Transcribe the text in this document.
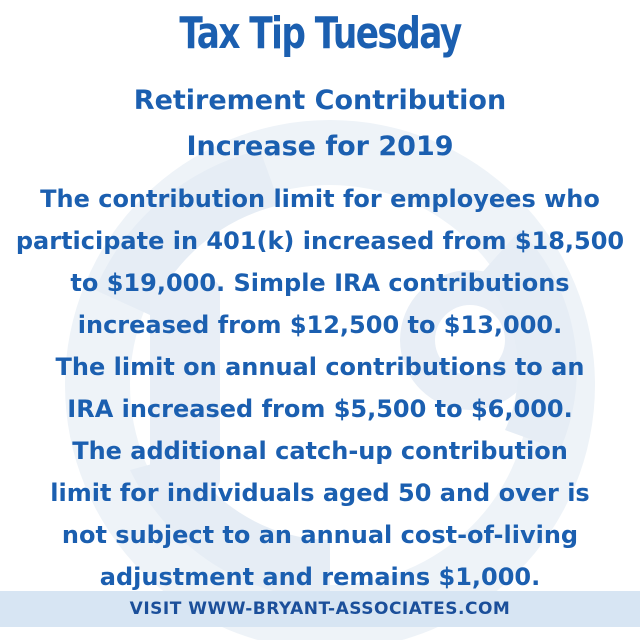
Tax Tip Tuesday
Retirement Contribution
Increase for 2019
The contribution limit for employees who
participate in 401(k) increased from $18,500
to $19,000. Simple IRA contributions
increased from $12,500 to $13,000.
The limit on annual contributions to an
IRA increased from $5,500 to $6,000.
The additional catch-up contribution
limit for individuals aged 50 and over is
not subject to an annual cost-of-living
adjustment and remains $1,000.
VISIT WWW-BRYANT-ASSOCIATES.COM
